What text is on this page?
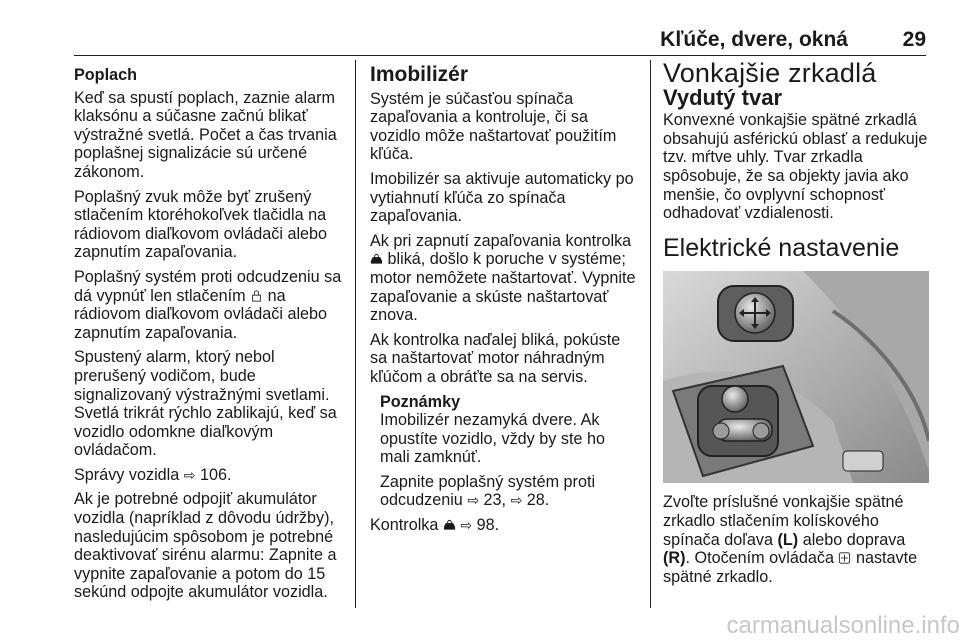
Kľúče, dvere, okná	29
Poplach

Keď sa spustí poplach, zaznie alarm klaksónu a súčasne začnú blikať výstražné svetlá. Počet a čas trvania poplašnej signalizácie sú určené zákonom.

Poplašný zvuk môže byť zrušený stlačením ktoréhokoľvek tlačidla na rádiovom diaľkovom ovládači alebo zapnutím zapaľovania.

Poplašný systém proti odcudzeniu sa dá vypnúť len stlačením na rádiovom diaľkovom ovládači alebo zapnutím zapaľovania.

Spustený alarm, ktorý nebol prerušený vodičom, bude signalizovaný výstražnými svetlami. Svetlá trikrát rýchlo zablikajú, keď sa vozidlo odomkne diaľkovým ovládačom.

Správy vozidla ⇨ 106.

Ak je potrebné odpojiť akumulátor vozidla (napríklad z dôvodu údržby), nasledujúcim spôsobom je potrebné deaktivovať sirénu alarmu: Zapnite a vypnite zapaľovanie a potom do 15 sekúnd odpojte akumulátor vozidla.

Imobilizér

Systém je súčasťou spínača zapaľovania a kontroluje, či sa vozidlo môže naštartovať použitím kľúča.

Imobilizér sa aktivuje automaticky po vytiahnutí kľúča zo spínača zapaľovania.

Ak pri zapnutí zapaľovania kontrolka  bliká, došlo k poruche v systéme; motor nemôžete naštartovať. Vypnite zapaľovanie a skúste naštartovať znova.

Ak kontrolka naďalej bliká, pokúste sa naštartovať motor náhradným kľúčom a obráťte sa na servis.

Poznámky

Imobilizér nezamyká dvere. Ak opustíte vozidlo, vždy by ste ho mali zamknúť.

Zapnite poplašný systém proti odcudzeniu ⇨ 23, ⇨ 28.

Kontrolka ⇨ 98.

Vonkajšie zrkadlá
Vydutý tvar

Konvexné vonkajšie spätné zrkadlá obsahujú asférickú oblasť a redukuje tzv. mŕtve uhly. Tvar zrkadla spôsobuje, že sa objekty javia ako menšie, čo ovplyvní schopnosť odhadovať vzdialenosti.

Elektrické nastavenie

Zvoľte príslušné vonkajšie spätné zrkadlo stlačením kolískového spínača doľava (L) alebo doprava (R). Otočením ovládača nastavte spätné zrkadlo.

carmanualsonline.info
